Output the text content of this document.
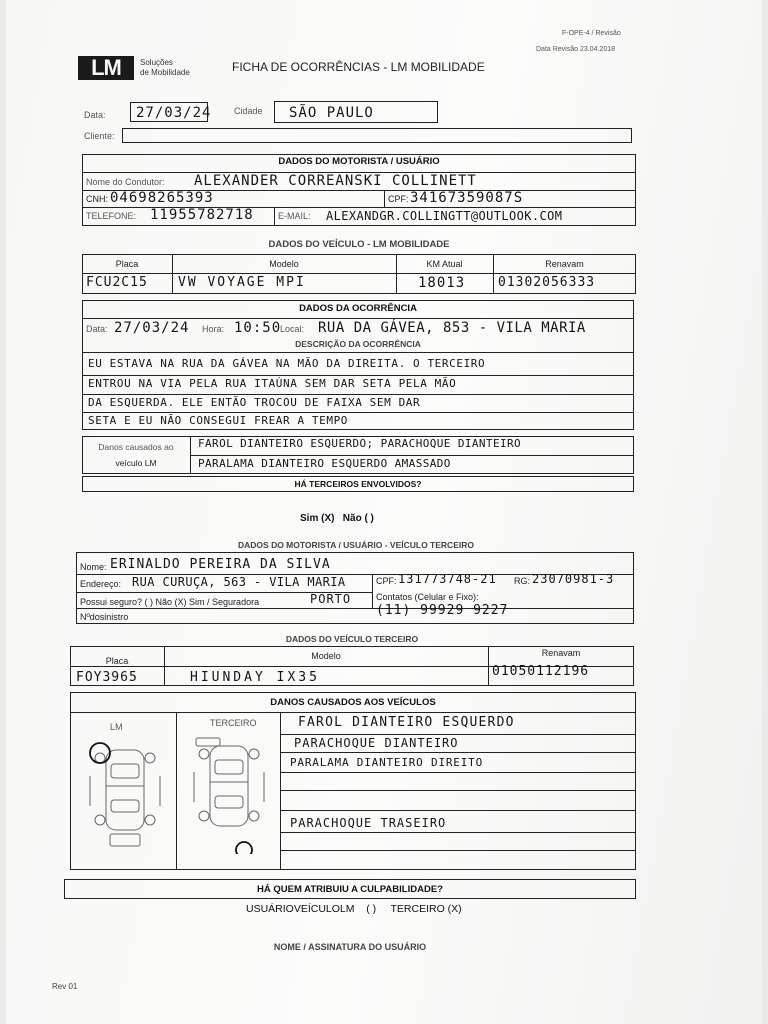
F-OPE-4 / Revisão
Data Revisão 23.04.2018
LM	Soluções
de Mobilidade	FICHA DE OCORRÊNCIAS - LM MOBILIDADE
Data: 27/03/24	Cidade SÃO PAULO
Cliente:
DADOS DO MOTORISTA / USUÁRIO
Nome do Condutor: ALEXANDER CORREANSKI COLLINETT
CNH: 04698265393	CPF: 34167359087S
TELEFONE: 11955782718	E-MAIL: ALEXANDGR.COLLINGTT@OUTLOOK.COM
DADOS DO VEÍCULO - LM MOBILIDADE
Placa	Modelo	KM Atual	Renavam
FCU2C15 VW VOYAGE MPI	18013	01302056333
DADOS DA OCORRÊNCIA
Data: 27/03/24 Hora: 10:50
Local: RUA DA GÁVEA, 853 - VILA MARIA
DESCRIÇÃO DA OCORRÊNCIA
EU ESTAVA NA RUA DA GÁVEA NA MÃO DA DIREITA. O TERCEIRO
ENTROU NA VIA PELA RUA ITAÚNA SEM DAR SETA PELA MÃO
DA ESQUERDA. ELE ENTÃO TROCOU DE FAIXA SEM DAR
SETA E EU NÃO CONSEGUI FREAR A TEMPO
Danos causados ao
veículo LM
FAROL DIANTEIRO ESQUERDO; PARACHOQUE DIANTEIRO
PARALAMA DIANTEIRO ESQUERDO AMASSADO
HÁ TERCEIROS ENVOLVIDOS?
Sim (X)   Não ( )
DADOS DO MOTORISTA / USUÁRIO - VEÍCULO TERCEIRO
Nome: ERINALDO PEREIRA DA SILVA
Endereço: RUA CURUÇA, 563 - VILA MARIA	CPF: 131773748-21 RG: 23070981-3
Possui seguro? ( ) Não (X) Sim / Seguradora	PORTO	Contatos (Celular e Fixo):
(11) 99929 9227
Nºdosinistro
DADOS DO VEÍCULO TERCEIRO
Placa	Modelo	Renavam
FOY3965	HIUNDAY IX35	01050112196
DANOS CAUSADOS AOS VEÍCULOS
LM	TERCEIRO	FAROL DIANTEIRO ESQUERDO
PARACHOQUE DIANTEIRO
PARALAMA DIANTEIRO DIREITO
PARACHOQUE TRASEIRO
HÁ QUEM ATRIBUIU A CULPABILIDADE?
USUÁRIOVEÍCULOLM    ( )     TERCEIRO (X)
NOME / ASSINATURA DO USUÁRIO
Rev 01
